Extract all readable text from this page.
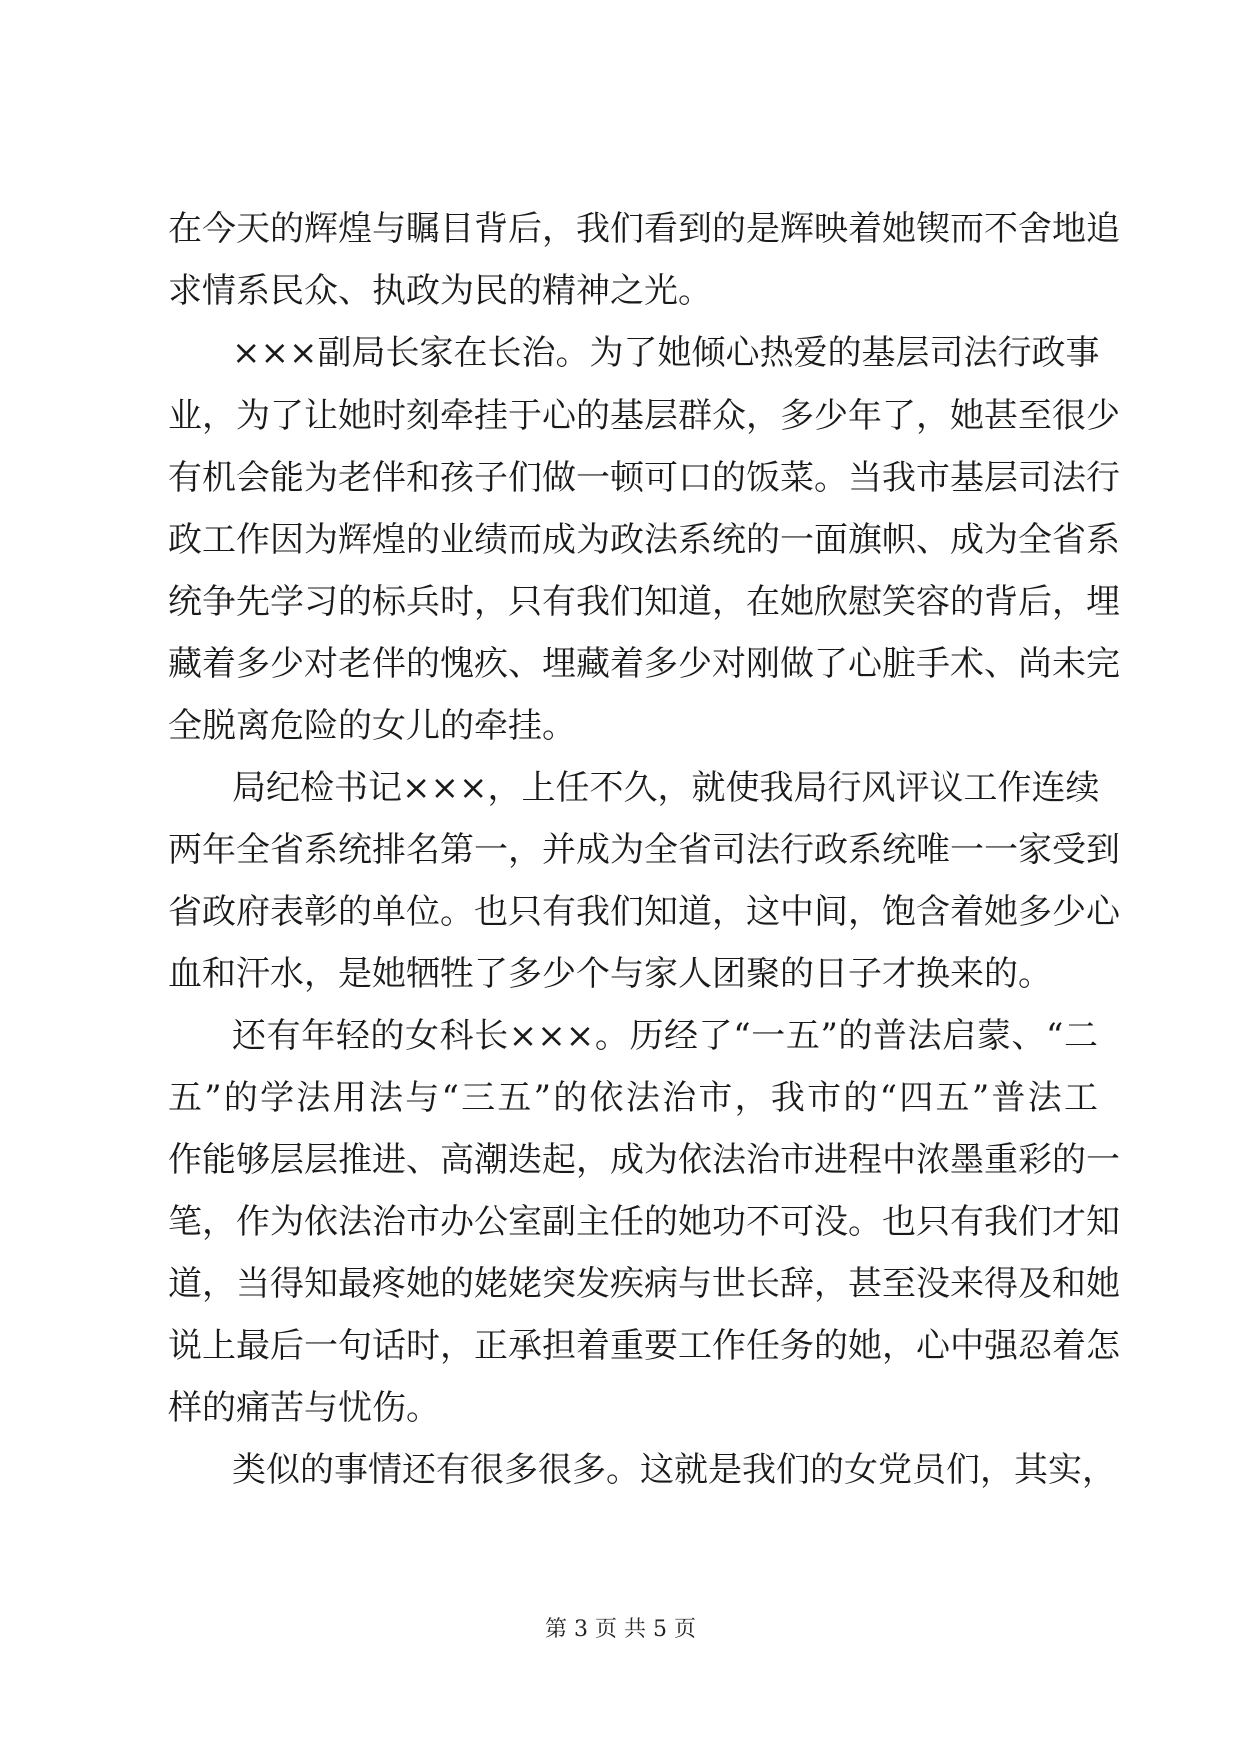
在今天的辉煌与瞩目背后，我们看到的是辉映着她锲而不舍地追
求情系民众、执政为民的精神之光。
×××副局长家在长治。为了她倾心热爱的基层司法行政事
业，为了让她时刻牵挂于心的基层群众，多少年了，她甚至很少
有机会能为老伴和孩子们做一顿可口的饭菜。当我市基层司法行
政工作因为辉煌的业绩而成为政法系统的一面旗帜、成为全省系
统争先学习的标兵时，只有我们知道，在她欣慰笑容的背后，埋
藏着多少对老伴的愧疚、埋藏着多少对刚做了心脏手术、尚未完
全脱离危险的女儿的牵挂。
局纪检书记×××，上任不久，就使我局行风评议工作连续
两年全省系统排名第一，并成为全省司法行政系统唯一一家受到
省政府表彰的单位。也只有我们知道，这中间，饱含着她多少心
血和汗水，是她牺牲了多少个与家人团聚的日子才换来的。
还有年轻的女科长×××。历经了“一五”的普法启蒙、“二
五”的学法用法与“三五”的依法治市，我市的“四五”普法工
作能够层层推进、高潮迭起，成为依法治市进程中浓墨重彩的一
笔，作为依法治市办公室副主任的她功不可没。也只有我们才知
道，当得知最疼她的姥姥突发疾病与世长辞，甚至没来得及和她
说上最后一句话时，正承担着重要工作任务的她，心中强忍着怎
样的痛苦与忧伤。
类似的事情还有很多很多。这就是我们的女党员们，其实，
第 3 页 共 5 页
